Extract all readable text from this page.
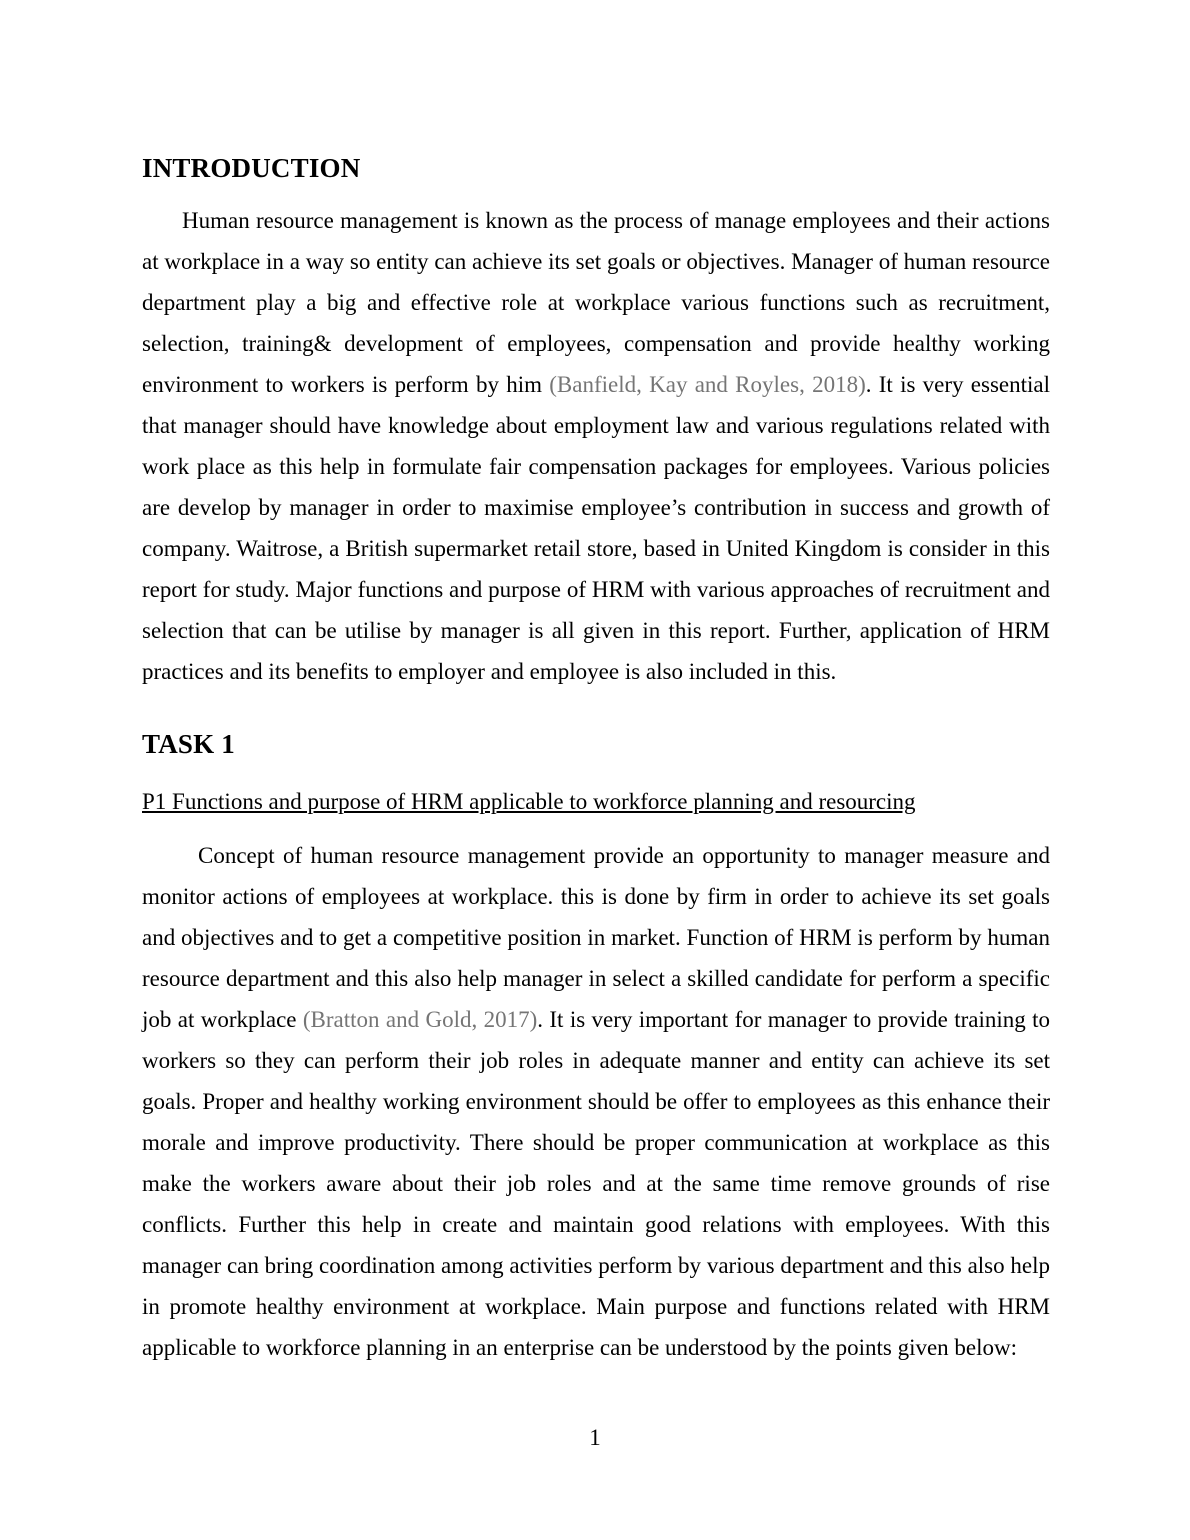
INTRODUCTION

Human resource management is known as the process of manage employees and their actions at workplace in a way so entity can achieve its set goals or objectives. Manager of human resource department play a big and effective role at workplace various functions such as recruitment, selection, training& development of employees, compensation and provide healthy working environment to workers is perform by him (Banfield, Kay and Royles, 2018). It is very essential that manager should have knowledge about employment law and various regulations related with work place as this help in formulate fair compensation packages for employees. Various policies are develop by manager in order to maximise employee’s contribution in success and growth of company. Waitrose, a British supermarket retail store, based in United Kingdom is consider in this report for study. Major functions and purpose of HRM with various approaches of recruitment and selection that can be utilise by manager is all given in this report. Further, application of HRM practices and its benefits to employer and employee is also included in this.

TASK 1
P1 Functions and purpose of HRM applicable to workforce planning and resourcing

Concept of human resource management provide an opportunity to manager measure and monitor actions of employees at workplace. this is done by firm in order to achieve its set goals and objectives and to get a competitive position in market. Function of HRM is perform by human resource department and this also help manager in select a skilled candidate for perform a specific job at workplace (Bratton and Gold, 2017). It is very important for manager to provide training to workers so they can perform their job roles in adequate manner and entity can achieve its set goals. Proper and healthy working environment should be offer to employees as this enhance their morale and improve productivity. There should be proper communication at workplace as this make the workers aware about their job roles and at the same time remove grounds of rise conflicts. Further this help in create and maintain good relations with employees. With this manager can bring coordination among activities perform by various department and this also help in promote healthy environment at workplace. Main purpose and functions related with HRM applicable to workforce planning in an enterprise can be understood by the points given below:

1
